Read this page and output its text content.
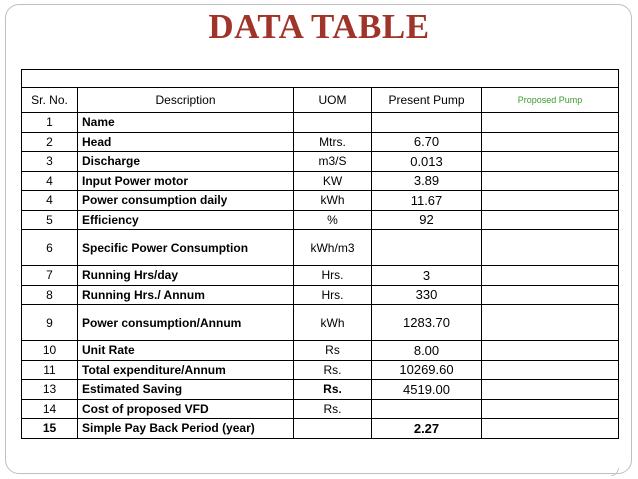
DATA TABLE

Sr. No.	Description	UOM	Present Pump	Proposed Pump
1	Name			
2	Head	Mtrs.	6.70	
3	Discharge	m3/S	0.013	
4	Input Power motor	KW	3.89	
4	Power consumption daily	kWh	11.67	
5	Efficiency	%	92	
6	Specific Power Consumption	kWh/m3		
7	Running Hrs/day	Hrs.	3	
8	Running Hrs./ Annum	Hrs.	330	
9	Power consumption/Annum	kWh	1283.70	
10	Unit Rate	Rs	8.00	
11	Total expenditure/Annum	Rs.	10269.60	
13	Estimated Saving	Rs.	4519.00	
14	Cost of proposed VFD	Rs.		
15	Simple Pay Back Period (year)		2.27	
